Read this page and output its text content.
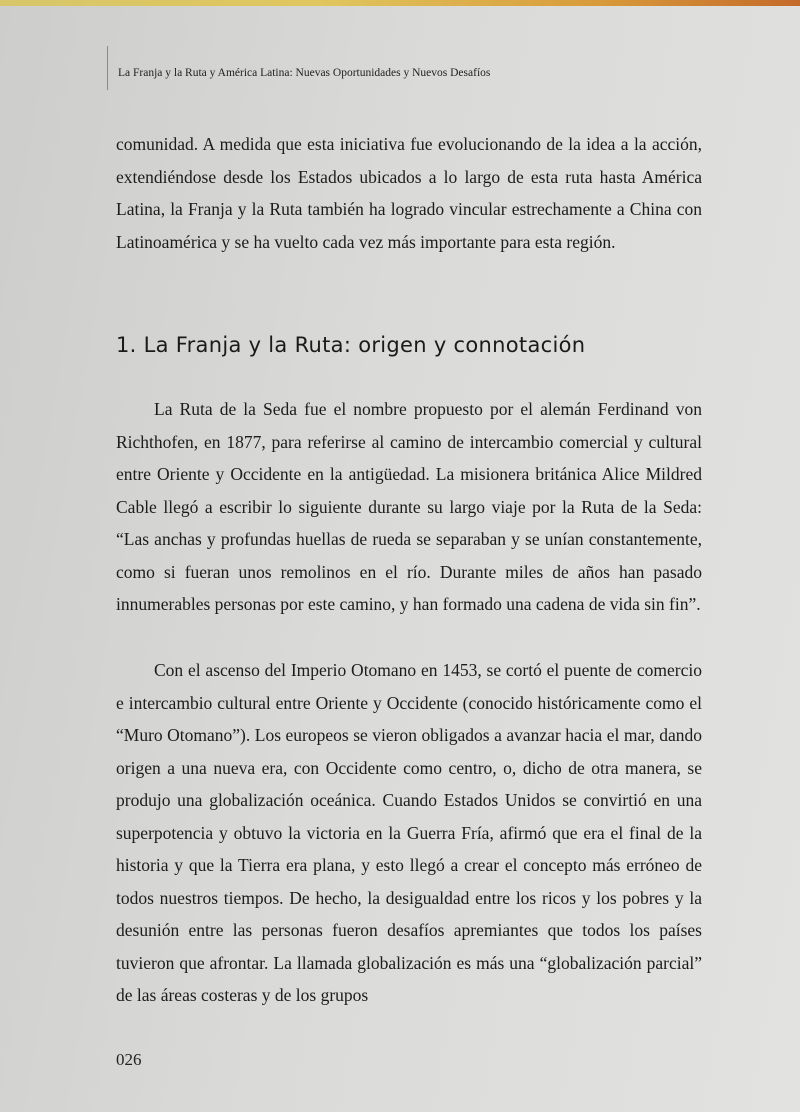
La Franja y la Ruta y América Latina: Nuevas Oportunidades y Nuevos Desafíos

comunidad. A medida que esta iniciativa fue evolucionando de la idea a la acción, extendiéndose desde los Estados ubicados a lo largo de esta ruta hasta América Latina, la Franja y la Ruta también ha logrado vincular estrechamente a China con Latinoamérica y se ha vuelto cada vez más importante para esta región.

1. La Franja y la Ruta: origen y connotación

La Ruta de la Seda fue el nombre propuesto por el alemán Ferdinand von Richthofen, en 1877, para referirse al camino de intercambio comercial y cultural entre Oriente y Occidente en la antigüedad. La misionera británica Alice Mildred Cable llegó a escribir lo siguiente durante su largo viaje por la Ruta de la Seda: “Las anchas y profundas huellas de rueda se separaban y se unían constantemente, como si fueran unos remolinos en el río. Durante miles de años han pasado innumerables personas por este camino, y han formado una cadena de vida sin fin”.

Con el ascenso del Imperio Otomano en 1453, se cortó el puente de comercio e intercambio cultural entre Oriente y Occidente (conocido históricamente como el “Muro Otomano”). Los europeos se vieron obligados a avanzar hacia el mar, dando origen a una nueva era, con Occidente como centro, o, dicho de otra manera, se produjo una globalización oceánica. Cuando Estados Unidos se convirtió en una superpotencia y obtuvo la victoria en la Guerra Fría, afirmó que era el final de la historia y que la Tierra era plana, y esto llegó a crear el concepto más erróneo de todos nuestros tiempos. De hecho, la desigualdad entre los ricos y los pobres y la desunión entre las personas fueron desafíos apremiantes que todos los países tuvieron que afrontar. La llamada globalización es más una “globalización parcial” de las áreas costeras y de los grupos

026
